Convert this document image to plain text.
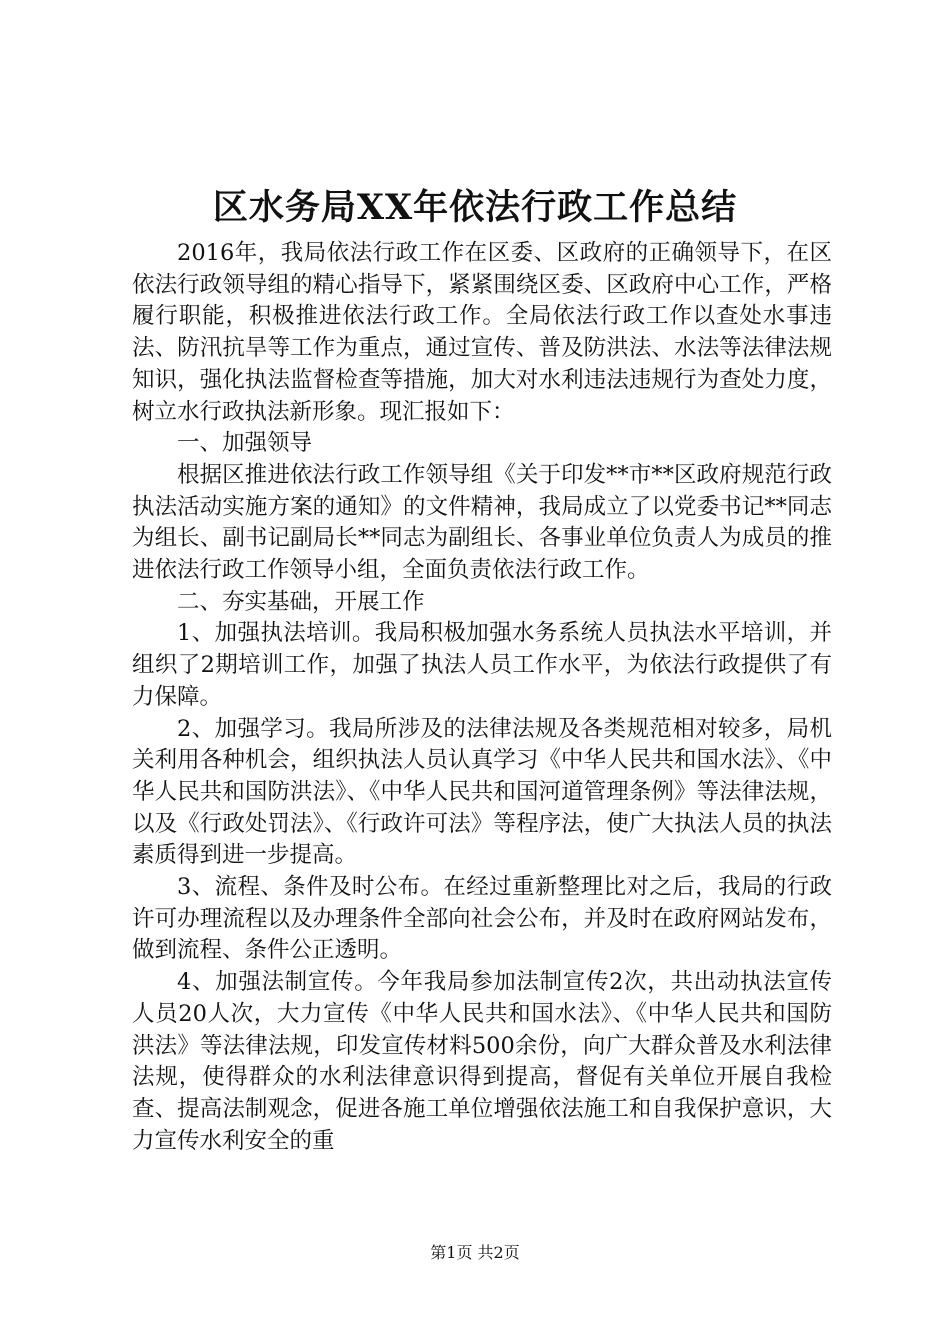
区水务局XX年依法行政工作总结

2016年，我局依法行政工作在区委、区政府的正确领导下，在区依法行政领导组的精心指导下，紧紧围绕区委、区政府中心工作，严格履行职能，积极推进依法行政工作。全局依法行政工作以查处水事违法、防汛抗旱等工作为重点，通过宣传、普及防洪法、水法等法律法规知识，强化执法监督检查等措施，加大对水利违法违规行为查处力度，树立水行政执法新形象。现汇报如下：

一、加强领导

根据区推进依法行政工作领导组《关于印发**市**区政府规范行政执法活动实施方案的通知》的文件精神，我局成立了以党委书记**同志为组长、副书记副局长**同志为副组长、各事业单位负责人为成员的推进依法行政工作领导小组，全面负责依法行政工作。

二、夯实基础，开展工作

1、加强执法培训。我局积极加强水务系统人员执法水平培训，并组织了2期培训工作，加强了执法人员工作水平，为依法行政提供了有力保障。

2、加强学习。我局所涉及的法律法规及各类规范相对较多，局机关利用各种机会，组织执法人员认真学习《中华人民共和国水法》、《中华人民共和国防洪法》、《中华人民共和国河道管理条例》等法律法规，以及《行政处罚法》、《行政许可法》等程序法，使广大执法人员的执法素质得到进一步提高。

3、流程、条件及时公布。在经过重新整理比对之后，我局的行政许可办理流程以及办理条件全部向社会公布，并及时在政府网站发布，做到流程、条件公正透明。

4、加强法制宣传。今年我局参加法制宣传2次，共出动执法宣传人员20人次，大力宣传《中华人民共和国水法》、《中华人民共和国防洪法》等法律法规，印发宣传材料500余份，向广大群众普及水利法律法规，使得群众的水利法律意识得到提高，督促有关单位开展自我检查、提高法制观念，促进各施工单位增强依法施工和自我保护意识，大力宣传水利安全的重

第1页 共2页
